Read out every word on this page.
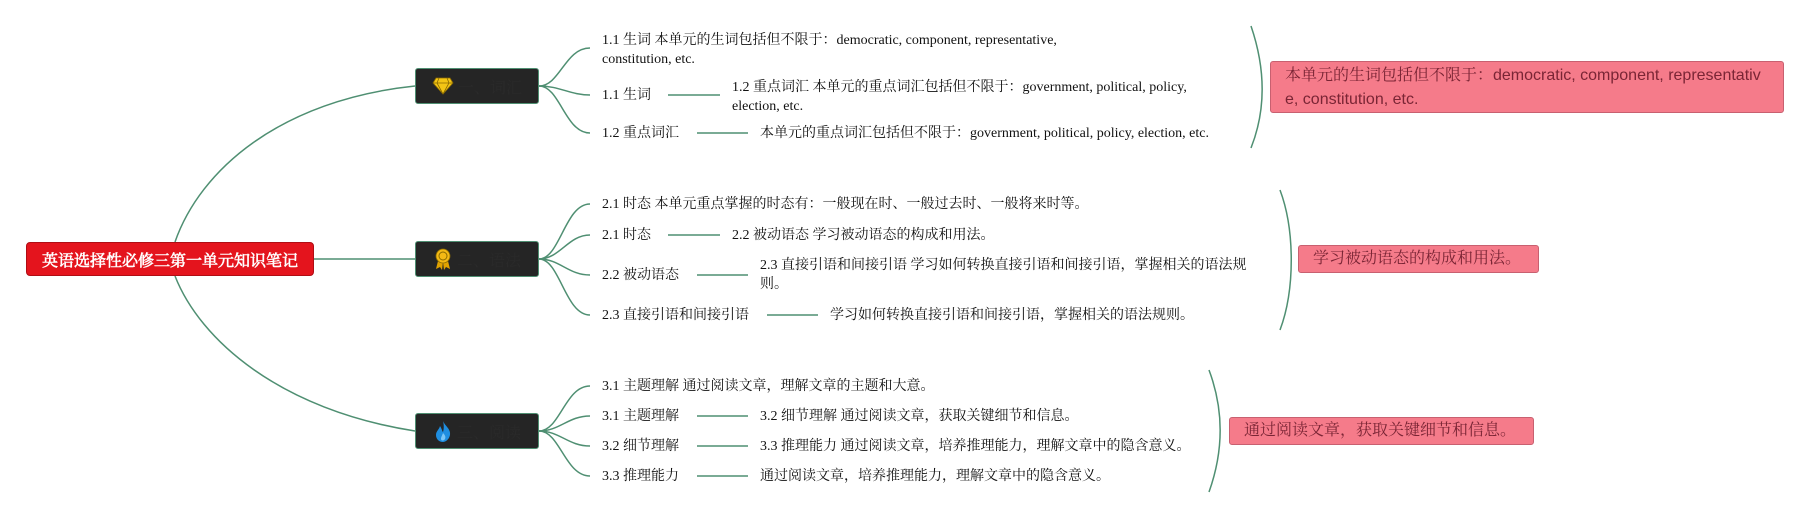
英语选择性必修三第一单元知识笔记
一、词汇
二、语法
三、阅读
1.1 生词 本单元的生词包括但不限于：democratic, component, representative, constitution, etc.
1.1 生词
1.2 重点词汇 本单元的重点词汇包括但不限于：government, political, policy, election, etc.
1.2 重点词汇	本单元的重点词汇包括但不限于：government, political, policy, election, etc.
2.1 时态 本单元重点掌握的时态有：一般现在时、一般过去时、一般将来时等。
2.1 时态	2.2 被动语态 学习被动语态的构成和用法。
2.2 被动语态
2.3 直接引语和间接引语 学习如何转换直接引语和间接引语，掌握相关的语法规则。
2.3 直接引语和间接引语	学习如何转换直接引语和间接引语，掌握相关的语法规则。
3.1 主题理解 通过阅读文章，理解文章的主题和大意。
3.1 主题理解	3.2 细节理解 通过阅读文章，获取关键细节和信息。
3.2 细节理解	3.3 推理能力 通过阅读文章，培养推理能力，理解文章中的隐含意义。
3.3 推理能力	通过阅读文章，培养推理能力，理解文章中的隐含意义。
本单元的生词包括但不限于：democratic, component, representative, constitution, etc.
学习被动语态的构成和用法。
通过阅读文章，获取关键细节和信息。
